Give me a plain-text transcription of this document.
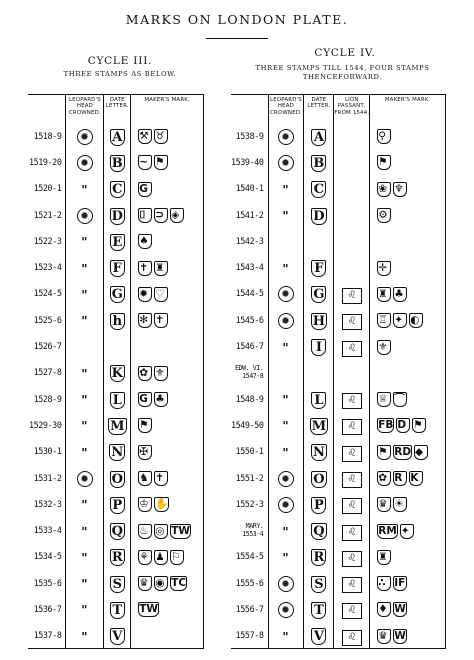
MARKS ON LONDON PLATE.
CYCLE III.
THREE STAMPS AS BELOW.
CYCLE IV.
THREE STAMPS TILL 1544, FOUR STAMPS
THENCEFORWARD.
	LEOPARD'S HEAD CROWNED.	DATE LETTER.	MAKER'S MARK.
1518-9		A	⚒ ♉
1519-20		B	∼ ⚑
1520-1	"	C	G
1521-2		D	⌷ ⊃ ◈
1522-3	"	E	♠
1523-4	"	F	✝ ♜
1524-5	"	G	✹ ♡
1525-6	"	h	✻ ✝
1526-7			
1527-8	"	K	✿ ⚜
1528-9	"	L	G ♣
1529-30	"	M	⚑
1530-1	"	N	✠
1531-2		O	♞ ✝
1532-3	"	P	♔ ✋
1533-4	"	Q	♨ ◎ TW
1534-5	"	R	⚘ ♟ ⚐
1535-6	"	S	♛ ◉ TC
1536-7	"	T	TW
1537-8	"	V	
	LEOPARD'S HEAD CROWNED.	DATE LETTER.	LION PASSANT, FROM 1544.	MAKER'S MARK.
1538-9		A		⚲
1539-40		B		⚑
1540-1	"	C		❀ ♆
1541-2	"	D		⚙
1542-3				
1543-4	"	F		✛
1544-5		G	♌	♜ ♣
1545-6		H	♌	♖ ✦ ◐
1546-7	"	I	♌	⚜
EDW. VI. 1547-8				
1548-9	"	L	♌	♕ ⌒
1549-50	"	M	♌	FB D ⚑
1550-1	"	N	♌	⚑ RD ◆
1551-2		O	♌	✿ R K
1552-3		P	♌	♛ ☀
MARY. 1553-4	"	Q	♌	RM ✦
1554-5	"	R	♌	♜
1555-6		S	♌	∴ IF
1556-7		T	♌	♦ W
1557-8	"	V	♌	♛ W
